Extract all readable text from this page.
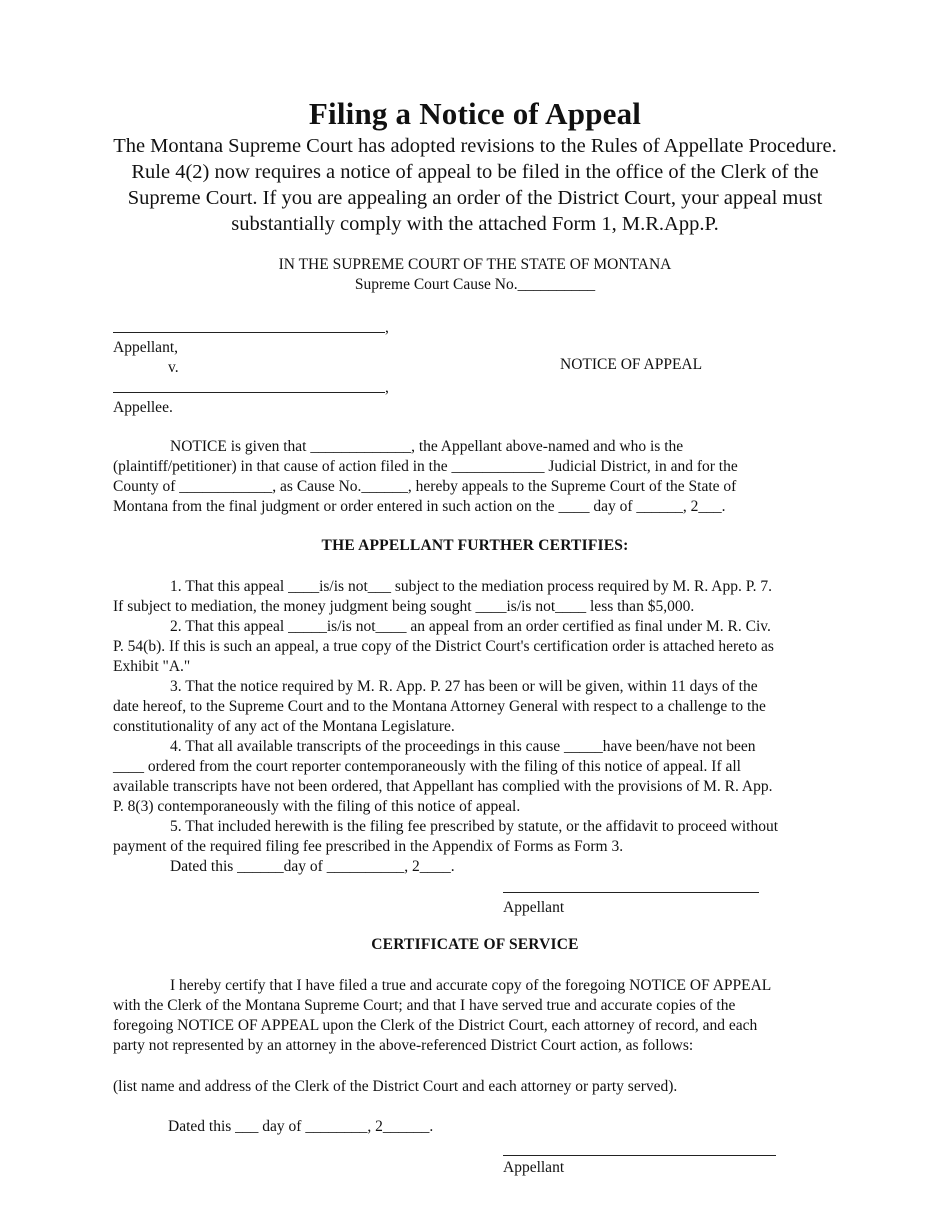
Filing a Notice of Appeal
The Montana Supreme Court has adopted revisions to the Rules of Appellate Procedure. Rule 4(2) now requires a notice of appeal to be filed in the office of the Clerk of the Supreme Court. If you are appealing an order of the District Court, your appeal must substantially comply with the attached Form 1, M.R.App.P.
IN THE SUPREME COURT OF THE STATE OF MONTANA
Supreme Court Cause No.__________
,
Appellant,
v.	NOTICE OF APPEAL
,
Appellee.
NOTICE is given that _____________, the Appellant above-named and who is the
(plaintiff/petitioner) in that cause of action filed in the ____________ Judicial District, in and for the
County of ____________, as Cause No.______, hereby appeals to the Supreme Court of the State of
Montana from the final judgment or order entered in such action on the ____ day of ______, 2___.
THE APPELLANT FURTHER CERTIFIES:
1. That this appeal ____is/is not___ subject to the mediation process required by M. R. App. P. 7.
If subject to mediation, the money judgment being sought ____is/is not____ less than $5,000.
2. That this appeal _____is/is not____ an appeal from an order certified as final under M. R. Civ.
P. 54(b). If this is such an appeal, a true copy of the District Court's certification order is attached hereto as
Exhibit "A."
3. That the notice required by M. R. App. P. 27 has been or will be given, within 11 days of the
date hereof, to the Supreme Court and to the Montana Attorney General with respect to a challenge to the
constitutionality of any act of the Montana Legislature.
4. That all available transcripts of the proceedings in this cause _____have been/have not been
____ ordered from the court reporter contemporaneously with the filing of this notice of appeal. If all
available transcripts have not been ordered, that Appellant has complied with the provisions of M. R. App.
P. 8(3) contemporaneously with the filing of this notice of appeal.
5. That included herewith is the filing fee prescribed by statute, or the affidavit to proceed without
payment of the required filing fee prescribed in the Appendix of Forms as Form 3.
Dated this ______day of __________, 2____.
Appellant
CERTIFICATE OF SERVICE
I hereby certify that I have filed a true and accurate copy of the foregoing NOTICE OF APPEAL
with the Clerk of the Montana Supreme Court; and that I have served true and accurate copies of the
foregoing NOTICE OF APPEAL upon the Clerk of the District Court, each attorney of record, and each
party not represented by an attorney in the above-referenced District Court action, as follows:
(list name and address of the Clerk of the District Court and each attorney or party served).
Dated this ___ day of ________, 2______.
Appellant
